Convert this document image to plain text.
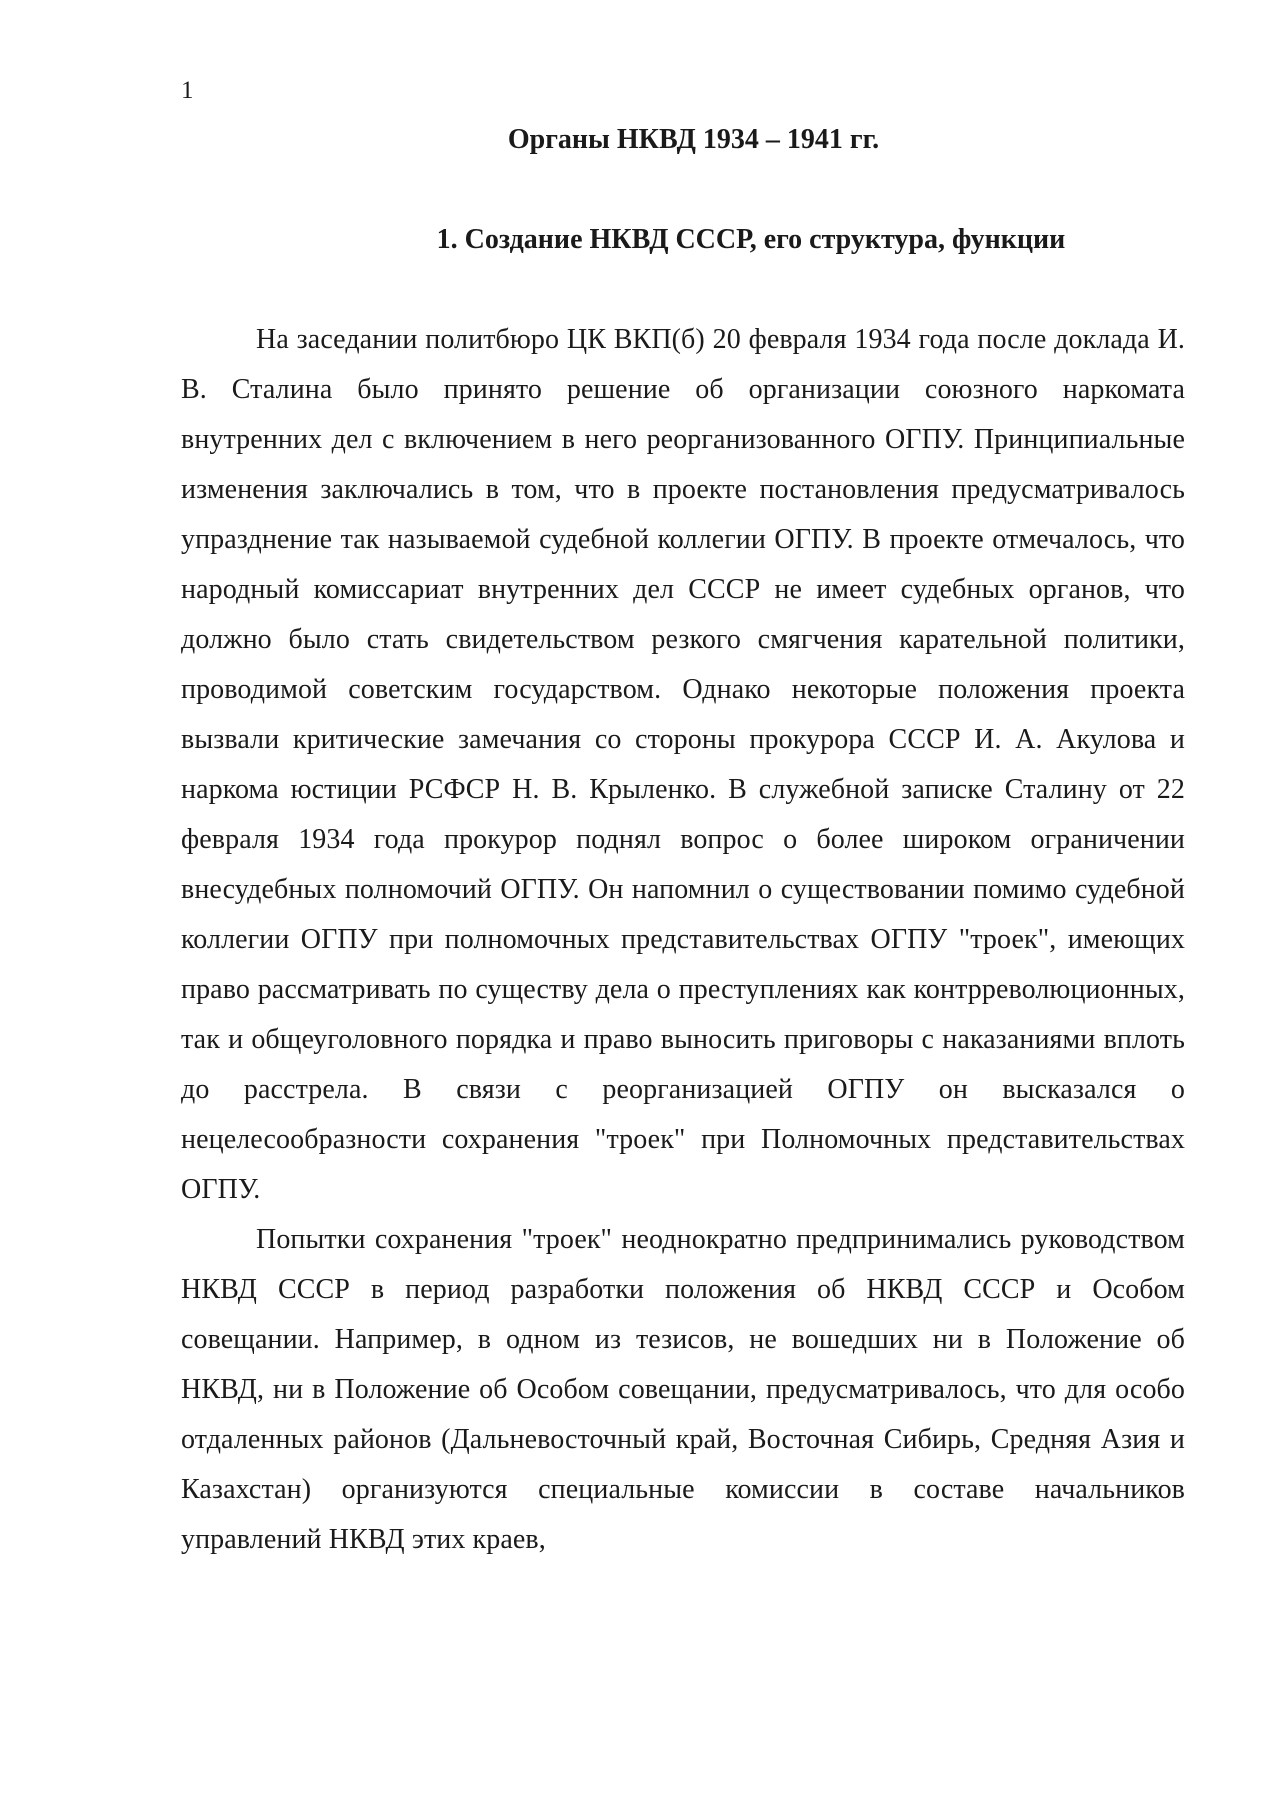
1
Органы НКВД 1934 – 1941 гг.
1. Создание НКВД СССР, его структура, функции

На заседании политбюро ЦК ВКП(б) 20 февраля 1934 года после доклада И. В. Сталина было принято решение об организации союзного наркомата внутренних дел с включением в него реорганизованного ОГПУ. Принципиальные изменения заключались в том, что в проекте постановления предусматривалось упразднение так называемой судебной коллегии ОГПУ. В проекте отмечалось, что народный комиссариат внутренних дел СССР не имеет судебных органов, что должно было стать свидетельством резкого смягчения карательной политики, проводимой советским государством. Однако некоторые положения проекта вызвали критические замечания со стороны прокурора СССР И. А. Акулова и наркома юстиции РСФСР Н. В. Крыленко. В служебной записке Сталину от 22 февраля 1934 года прокурор поднял вопрос о более широком ограничении внесудебных полномочий ОГПУ. Он напомнил о существовании помимо судебной коллегии ОГПУ при полномочных представительствах ОГПУ "троек", имеющих право рассматривать по существу дела о преступлениях как контрреволюционных, так и общеуголовного порядка и право выносить приговоры с наказаниями вплоть до расстрела. В связи с реорганизацией ОГПУ он высказался о нецелесообразности сохранения "троек" при Полномочных представительствах ОГПУ.

Попытки сохранения "троек" неоднократно предпринимались руководством НКВД СССР в период разработки положения об НКВД СССР и Особом совещании. Например, в одном из тезисов, не вошедших ни в Положение об НКВД, ни в Положение об Особом совещании, предусматривалось, что для особо отдаленных районов (Дальневосточный край, Восточная Сибирь, Средняя Азия и Казахстан) организуются специальные комиссии в составе начальников управлений НКВД этих краев,
